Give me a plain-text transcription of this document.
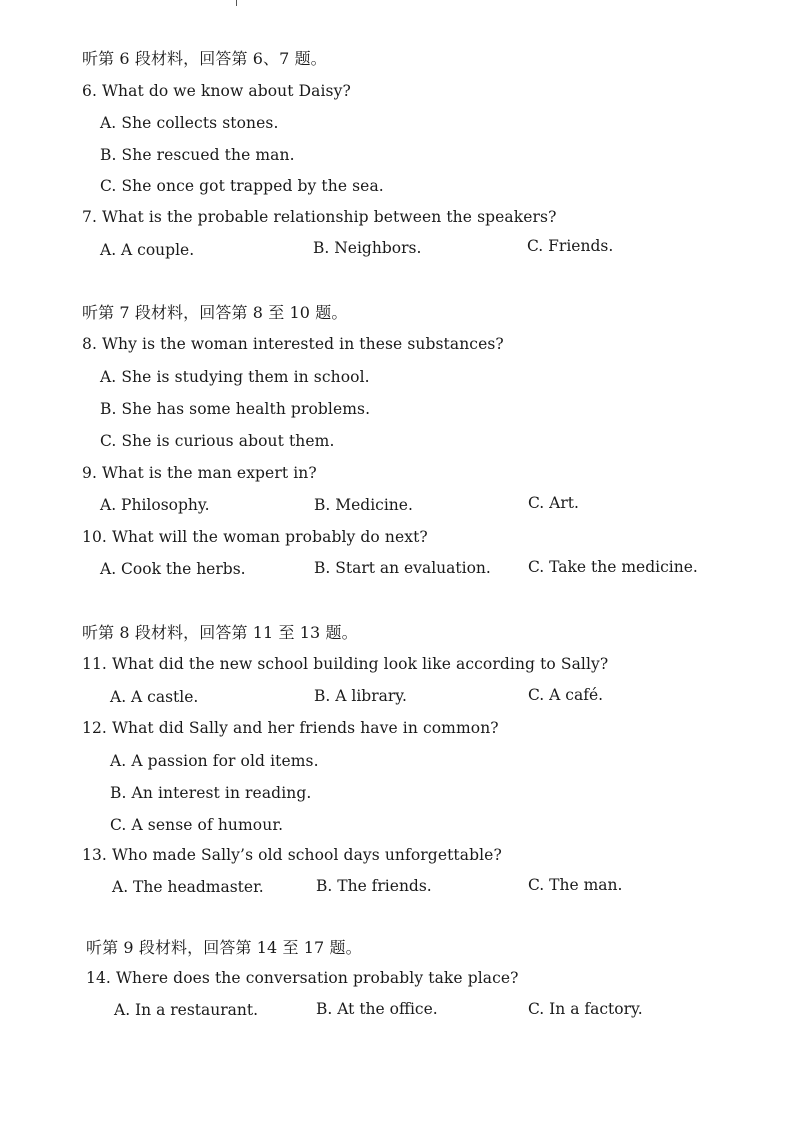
听第 6 段材料，回答第 6、7 题。
6. What do we know about Daisy?
A. She collects stones.
B. She rescued the man.
C. She once got trapped by the sea.
7. What is the probable relationship between the speakers?
A. A couple.	B. Neighbors.	C. Friends.
听第 7 段材料，回答第 8 至 10 题。
8. Why is the woman interested in these substances?
A. She is studying them in school.
B. She has some health problems.
C. She is curious about them.
9. What is the man expert in?
A. Philosophy.	B. Medicine.	C. Art.
10. What will the woman probably do next?
A. Cook the herbs.	B. Start an evaluation. C. Take the medicine.
听第 8 段材料，回答第 11 至 13 题。
11. What did the new school building look like according to Sally?
A. A castle.	B. A library.	C. A café.
12. What did Sally and her friends have in common?
A. A passion for old items.
B. An interest in reading.
C. A sense of humour.
13. Who made Sally’s old school days unforgettable?
A. The headmaster.	B. The friends.	C. The man.
听第 9 段材料，回答第 14 至 17 题。
14. Where does the conversation probably take place?
A. In a restaurant.	B. At the office.	C. In a factory.
